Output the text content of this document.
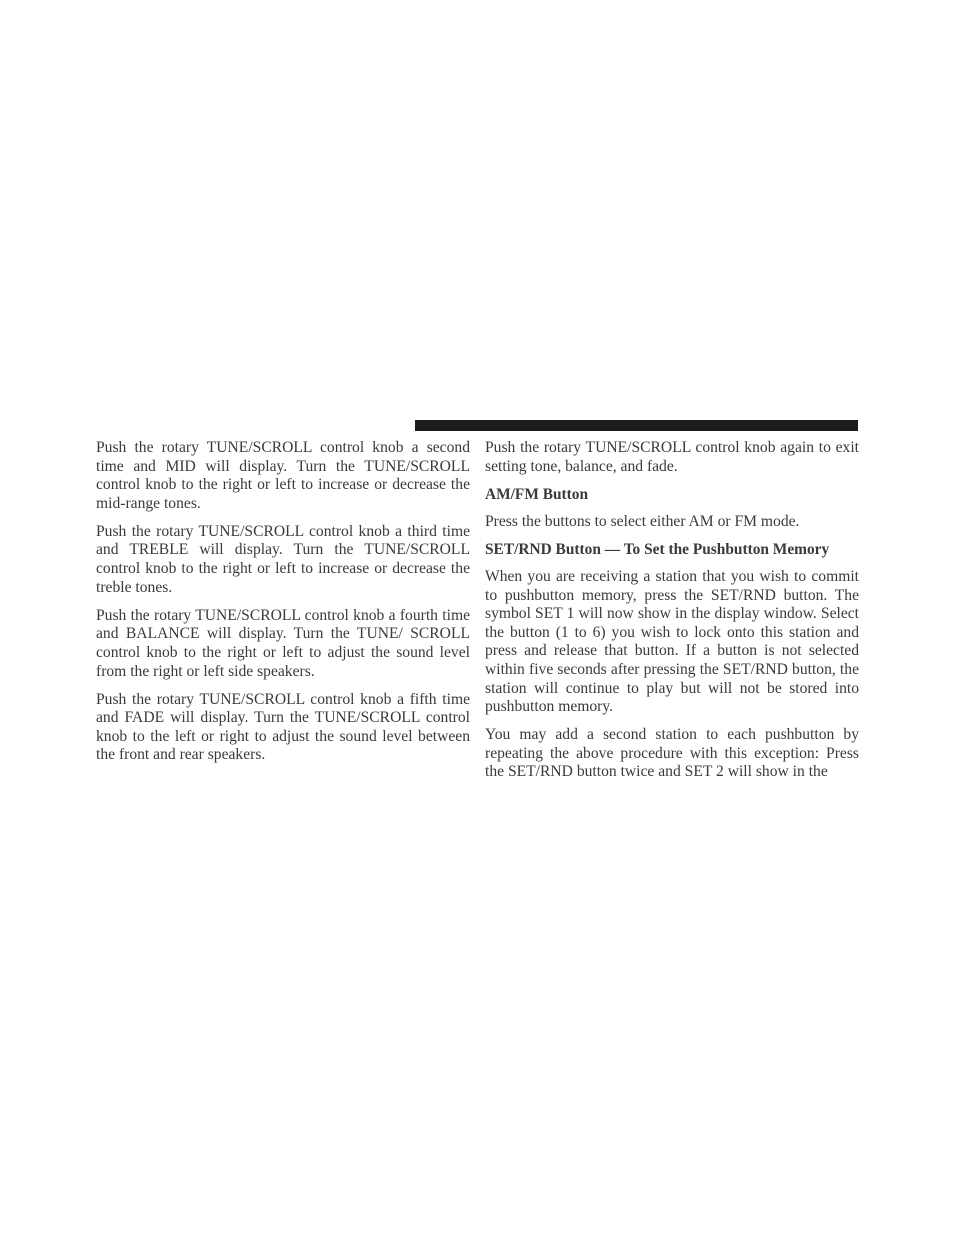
Push the rotary TUNE/SCROLL control knob a second time and MID will display. Turn the TUNE/SCROLL control knob to the right or left to increase or decrease the mid-range tones.

Push the rotary TUNE/SCROLL control knob a third time and TREBLE will display. Turn the TUNE/SCROLL control knob to the right or left to increase or decrease the treble tones.

Push the rotary TUNE/SCROLL control knob a fourth time and BALANCE will display. Turn the TUNE/ SCROLL control knob to the right or left to adjust the sound level from the right or left side speakers.

Push the rotary TUNE/SCROLL control knob a fifth time and FADE will display. Turn the TUNE/SCROLL control knob to the left or right to adjust the sound level between the front and rear speakers.

Push the rotary TUNE/SCROLL control knob again to exit setting tone, balance, and fade.

AM/FM Button

Press the buttons to select either AM or FM mode.

SET/RND Button — To Set the Pushbutton Memory

When you are receiving a station that you wish to commit to pushbutton memory, press the SET/RND button. The symbol SET 1 will now show in the display window. Select the button (1 to 6) you wish to lock onto this station and press and release that button. If a button is not selected within five seconds after pressing the SET/RND button, the station will continue to play but will not be stored into pushbutton memory.

You may add a second station to each pushbutton by repeating the above procedure with this exception: Press the SET/RND button twice and SET 2 will show in the
